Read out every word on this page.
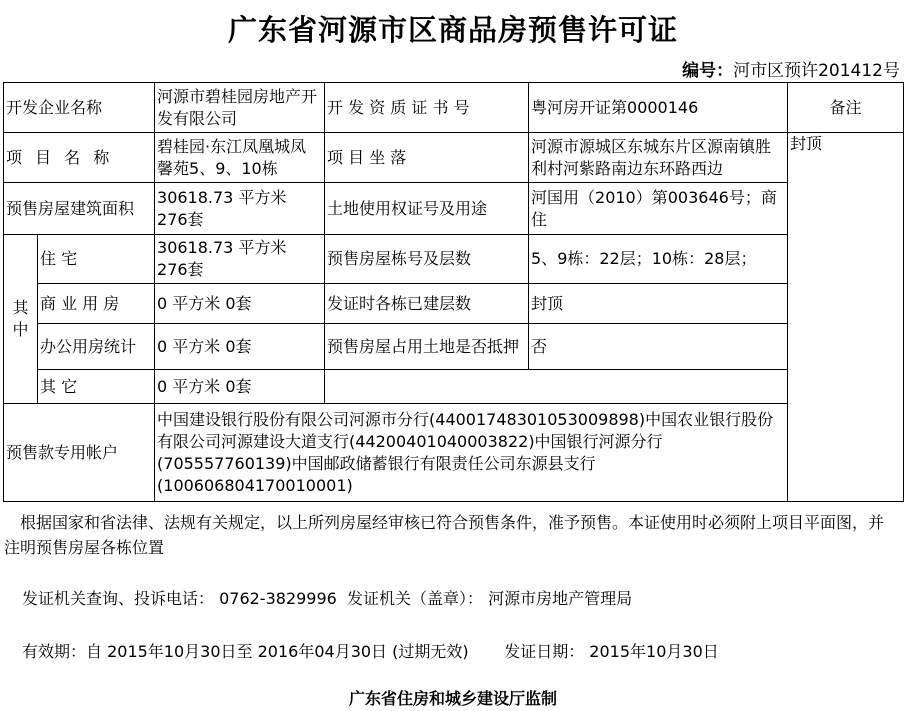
广东省河源市区商品房预售许可证
编号：河市区预许201412号
开发企业名称		河源市碧桂园房地产开发有限公司	开 发 资 质 证 书 号	粤河房开证第0000146	备注
项 目 名 称		碧桂园·东江凤凰城凤馨苑5、9、10栋	项 目 坐 落	河源市源城区东城东片区源南镇胜利村河紫路南边东环路西边	封顶
预售房屋建筑面积		30618.73 平方米 276套	土地使用权证号及用途	河国用（2010）第003646号；商住	
其
中	住 宅	30618.73 平方米 276套	预售房屋栋号及层数	5、9栋：22层；10栋：28层；	
	商 业 用 房	0 平方米 0套	发证时各栋已建层数	封顶	
	办公用房统计	0 平方米 0套	预售房屋占用土地是否抵押	否	
	其 它	0 平方米 0套			
预售款专用帐户		中国建设银行股份有限公司河源市分行(44001748301053009898)中国农业银行股份有限公司河源建设大道支行(44200401040003822)中国银行河源分行(705557760139)中国邮政储蓄银行有限责任公司东源县支行(100606804170010001)			
根据国家和省法律、法规有关规定，以上所列房屋经审核已符合预售条件，准予预售。本证使用时必须附上项目平面图，并注明预售房屋各栋位置
发证机关查询、投诉电话： 0762-3829996  发证机关（盖章）： 河源市房地产管理局
有效期：自 2015年10月30日至 2016年04月30日 (过期无效)       发证日期： 2015年10月30日
广东省住房和城乡建设厅监制
